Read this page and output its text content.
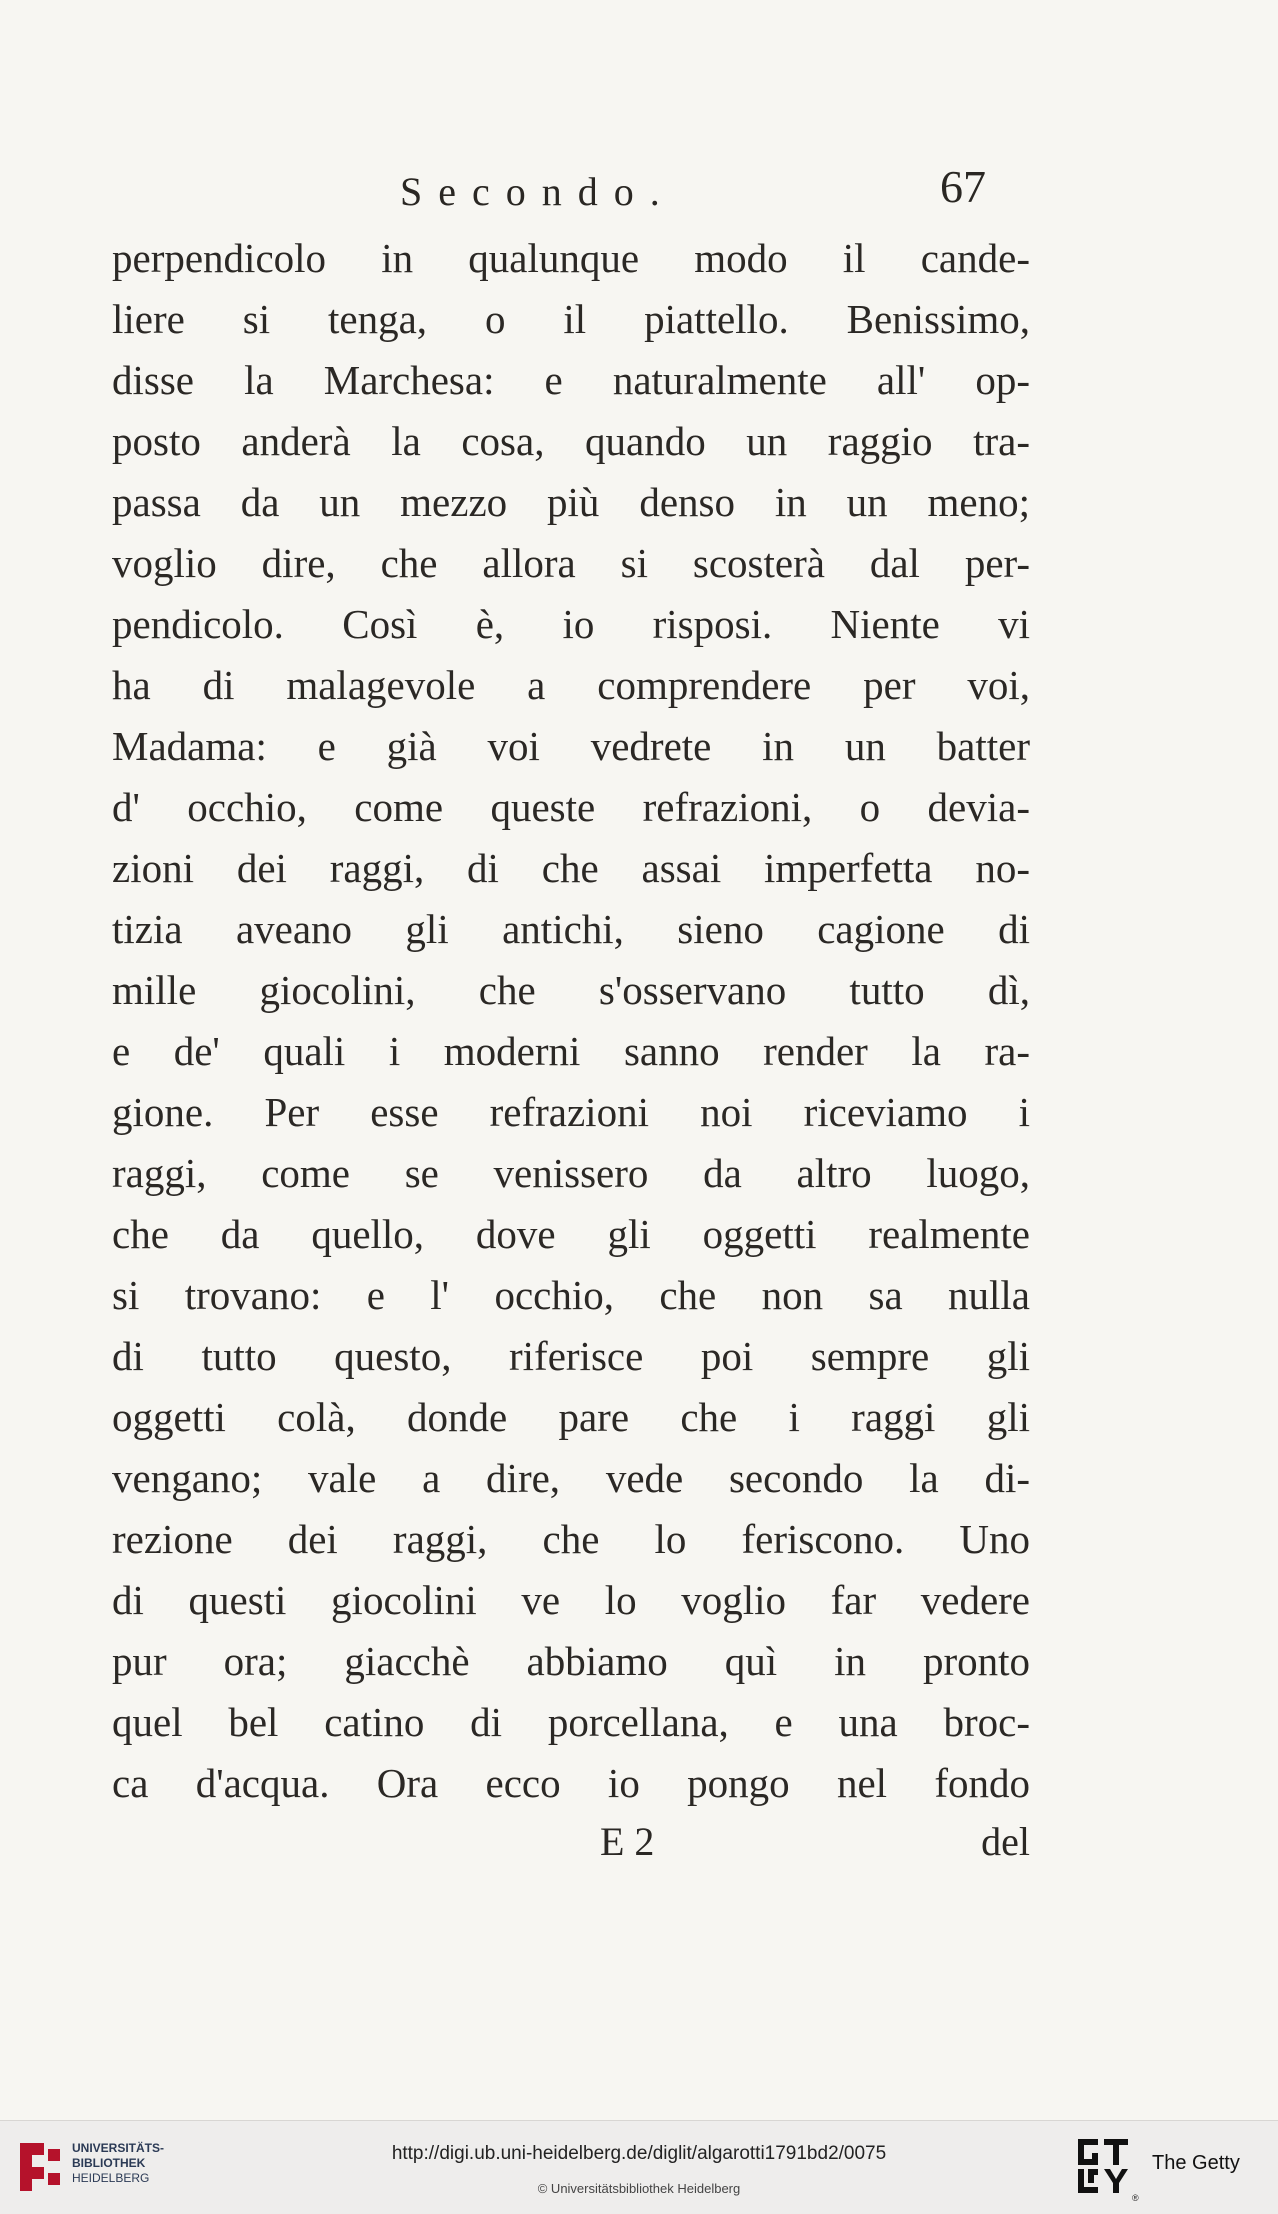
Secondo.	67
perpendicolo in qualunque modo il cande-
liere si tenga, o il piattello. Benissimo,
disse la Marchesa: e naturalmente all' op-
posto anderà la cosa, quando un raggio tra-
passa da un mezzo più denso in un meno;
voglio dire, che allora si scosterà dal per-
pendicolo. Così è, io risposi. Niente vi
ha di malagevole a comprendere per voi,
Madama: e già voi vedrete in un batter
d' occhio, come queste refrazioni, o devia-
zioni dei raggi, di che assai imperfetta no-
tizia aveano gli antichi, sieno cagione di
mille giocolini, che s'osservano tutto dì,
e de' quali i moderni sanno render la ra-
gione. Per esse refrazioni noi riceviamo i
raggi, come se venissero da altro luogo,
che da quello, dove gli oggetti realmente
si trovano: e l' occhio, che non sa nulla
di tutto questo, riferisce poi sempre gli
oggetti colà, donde pare che i raggi gli
vengano; vale a dire, vede secondo la di-
rezione dei raggi, che lo feriscono. Uno
di questi giocolini ve lo voglio far vedere
pur ora; giacchè abbiamo quì in pronto
quel bel catino di porcellana, e una broc-
ca d'acqua. Ora ecco io pongo nel fondo
E 2	del
UNIVERSITÄTS-
BIBLIOTHEK
HEIDELBERG
http://digi.ub.uni-heidelberg.de/diglit/algarotti1791bd2/0075
© Universitätsbibliothek Heidelberg
The Getty
®
